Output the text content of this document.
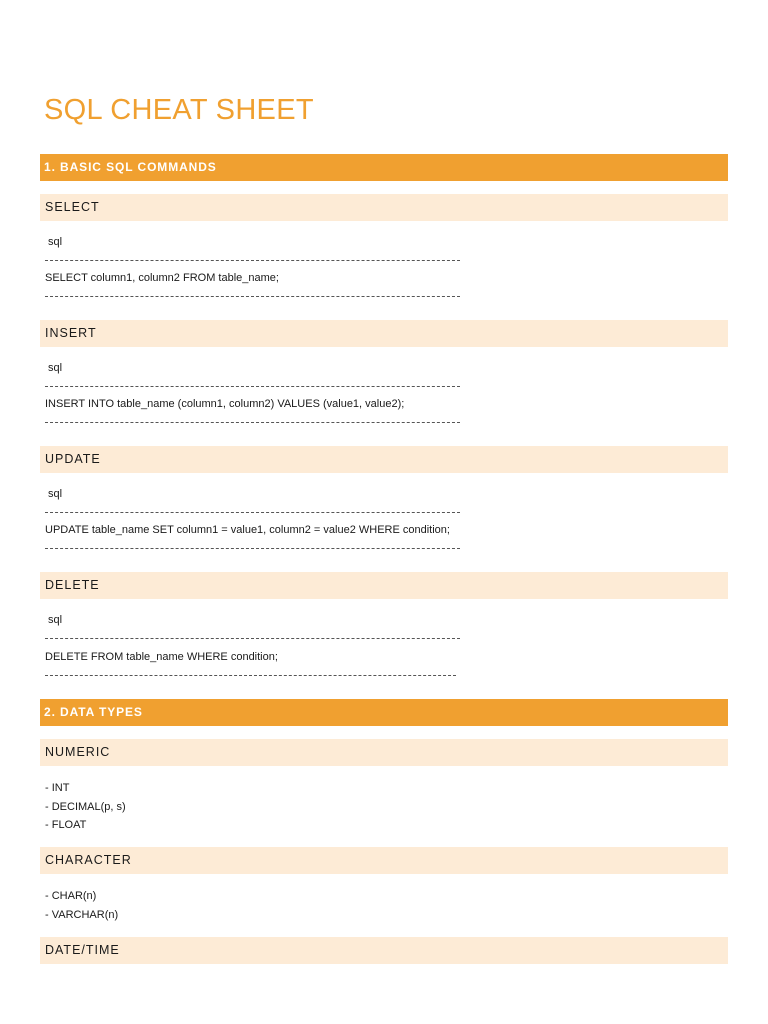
SQL CHEAT SHEET
1. BASIC SQL COMMANDS
SELECT
sql
SELECT column1, column2 FROM table_name;
INSERT
sql
INSERT INTO table_name (column1, column2) VALUES (value1, value2);
UPDATE
sql
UPDATE table_name SET column1 = value1, column2 = value2 WHERE condition;
DELETE
sql
DELETE FROM table_name WHERE condition;
2. DATA TYPES
NUMERIC
- INT
- DECIMAL(p, s)
- FLOAT
CHARACTER
- CHAR(n)
- VARCHAR(n)
DATE/TIME
